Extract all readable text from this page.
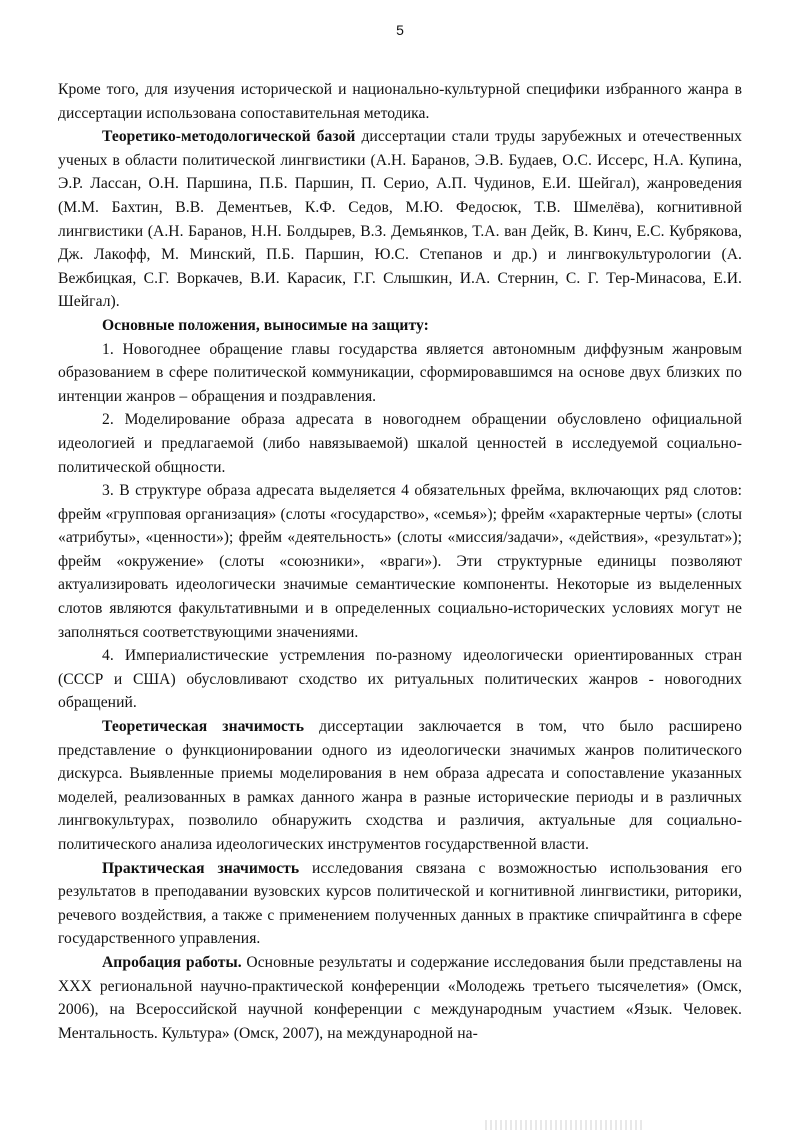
5

Кроме того, для изучения исторической и национально-культурной специфики избранного жанра в диссертации использована сопоставительная методика.

Теоретико-методологической базой диссертации стали труды зарубежных и отечественных ученых в области политической лингвистики (А.Н. Баранов, Э.В. Будаев, О.С. Иссерс, Н.А. Купина, Э.Р. Лассан, О.Н. Паршина, П.Б. Паршин, П. Серио, А.П. Чудинов, Е.И. Шейгал), жанроведения (М.М. Бахтин, В.В. Дементьев, К.Ф. Седов, М.Ю. Федосюк, Т.В. Шмелёва), когнитивной лингвистики (А.Н. Баранов, Н.Н. Болдырев, В.З. Демьянков, Т.А. ван Дейк, В. Кинч, Е.С. Кубрякова, Дж. Лакофф, М. Минский, П.Б. Паршин, Ю.С. Степанов и др.) и лингвокультурологии (А. Вежбицкая, С.Г. Воркачев, В.И. Карасик, Г.Г. Слышкин, И.А. Стернин, С. Г. Тер-Минасова, Е.И. Шейгал).

Основные положения, выносимые на защиту:

1. Новогоднее обращение главы государства является автономным диффузным жанровым образованием в сфере политической коммуникации, сформировавшимся на основе двух близких по интенции жанров – обращения и поздравления.

2. Моделирование образа адресата в новогоднем обращении обусловлено официальной идеологией и предлагаемой (либо навязываемой) шкалой ценностей в исследуемой социально-политической общности.

3. В структуре образа адресата выделяется 4 обязательных фрейма, включающих ряд слотов: фрейм «групповая организация» (слоты «государство», «семья»); фрейм «характерные черты» (слоты «атрибуты», «ценности»); фрейм «деятельность» (слоты «миссия/задачи», «действия», «результат»); фрейм «окружение» (слоты «союзники», «враги»). Эти структурные единицы позволяют актуализировать идеологически значимые семантические компоненты. Некоторые из выделенных слотов являются факультативными и в определенных социально-исторических условиях могут не заполняться соответствующими значениями.

4. Империалистические устремления по-разному идеологически ориентированных стран (СССР и США) обусловливают сходство их ритуальных политических жанров - новогодних обращений.

Теоретическая значимость диссертации заключается в том, что было расширено представление о функционировании одного из идеологически значимых жанров политического дискурса. Выявленные приемы моделирования в нем образа адресата и сопоставление указанных моделей, реализованных в рамках данного жанра в разные исторические периоды и в различных лингвокультурах, позволило обнаружить сходства и различия, актуальные для социально-политического анализа идеологических инструментов государственной власти.

Практическая значимость исследования связана с возможностью использования его результатов в преподавании вузовских курсов политической и когнитивной лингвистики, риторики, речевого воздействия, а также с применением полученных данных в практике спичрайтинга в сфере государственного управления.

Апробация работы. Основные результаты и содержание исследования были представлены на XXX региональной научно-практической конференции «Молодежь третьего тысячелетия» (Омск, 2006), на Всероссийской научной конференции с международным участием «Язык. Человек. Ментальность. Культура» (Омск, 2007), на международной на-
